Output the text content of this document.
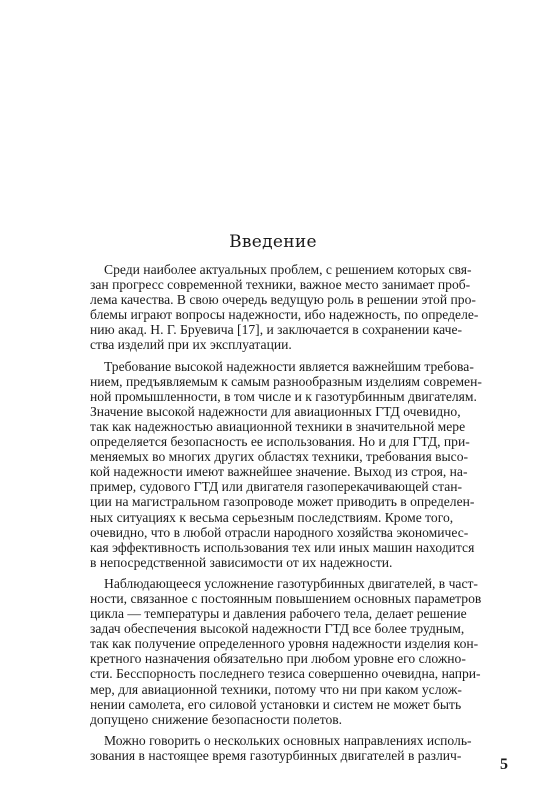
Введение
Среди наиболее актуальных проблем, с решением которых свя-
зан прогресс современной техники, важное место занимает проб-
лема качества. В свою очередь ведущую роль в решении этой про-
блемы играют вопросы надежности, ибо надежность, по определе-
нию акад. Н. Г. Бруевича [17], и заключается в сохранении каче-
ства изделий при их эксплуатации.
Требование высокой надежности является важнейшим требова-
нием, предъявляемым к самым разнообразным изделиям современ-
ной промышленности, в том числе и к газотурбинным двигателям.
Значение высокой надежности для авиационных ГТД очевидно,
так как надежностью авиационной техники в значительной мере
определяется безопасность ее использования. Но и для ГТД, при-
меняемых во многих других областях техники, требования высо-
кой надежности имеют важнейшее значение. Выход из строя, на-
пример, судового ГТД или двигателя газоперекачивающей стан-
ции на магистральном газопроводе может приводить в определен-
ных ситуациях к весьма серьезным последствиям. Кроме того,
очевидно, что в любой отрасли народного хозяйства экономичес-
кая эффективность использования тех или иных машин находится
в непосредственной зависимости от их надежности.
Наблюдающееся усложнение газотурбинных двигателей, в част-
ности, связанное с постоянным повышением основных параметров
цикла — температуры и давления рабочего тела, делает решение
задач обеспечения высокой надежности ГТД все более трудным,
так как получение определенного уровня надежности изделия кон-
кретного назначения обязательно при любом уровне его сложно-
сти. Бесспорность последнего тезиса совершенно очевидна, напри-
мер, для авиационной техники, потому что ни при каком услож-
нении самолета, его силовой установки и систем не может быть
допущено снижение безопасности полетов.
Можно говорить о нескольких основных направлениях исполь-
зования в настоящее время газотурбинных двигателей в различ-
5
